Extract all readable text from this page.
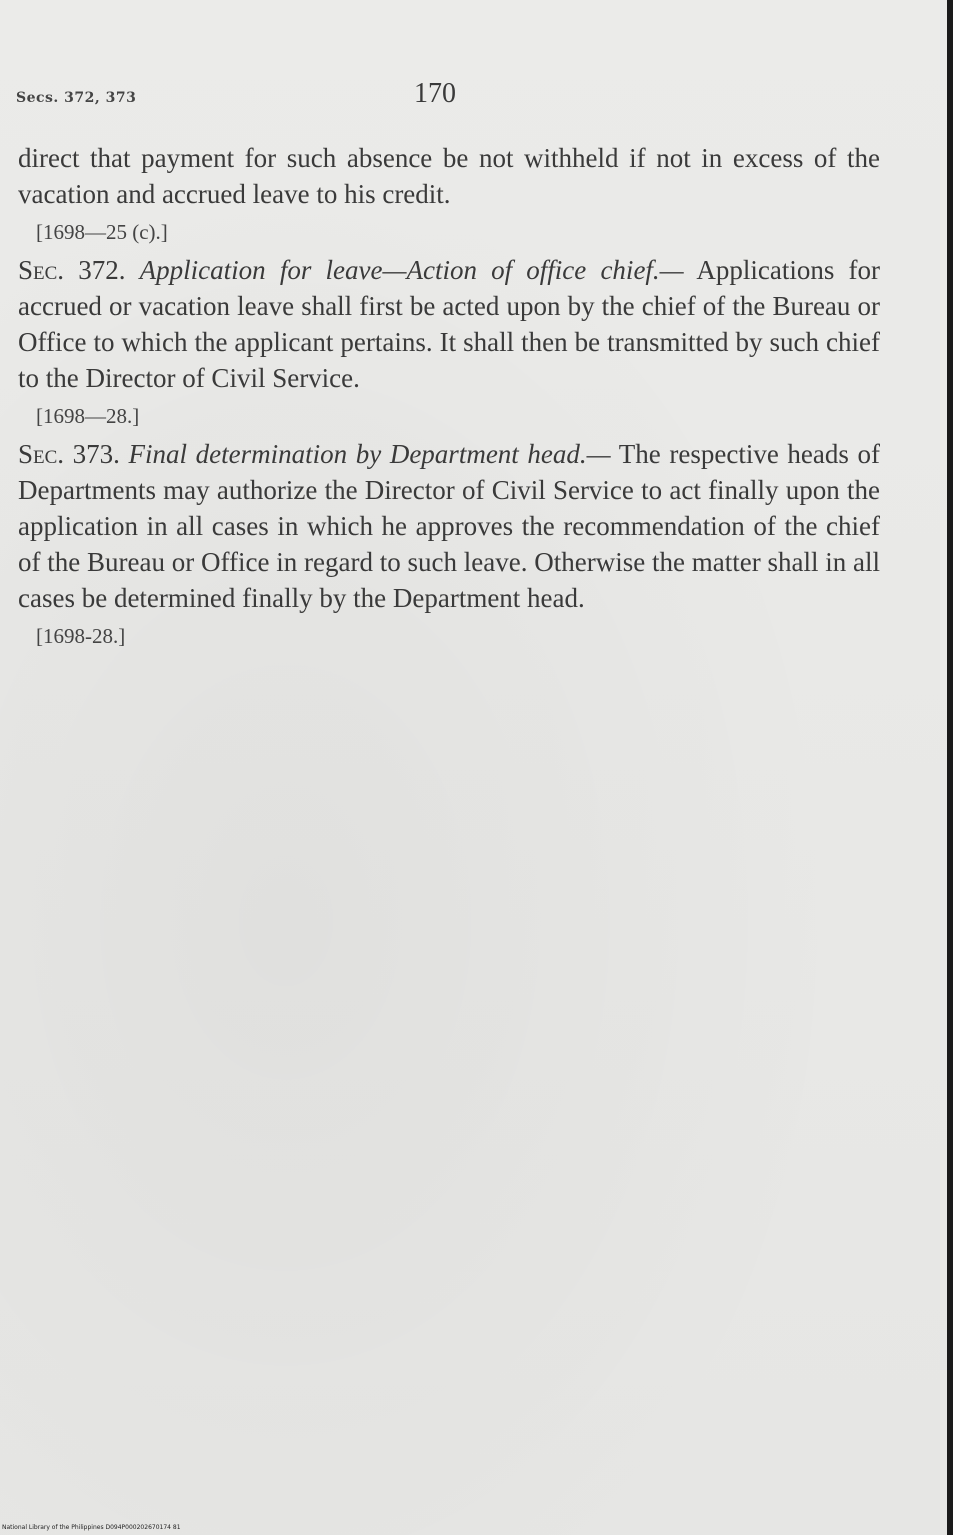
Secs. 372, 373	170

direct that payment for such absence be not withheld if not in excess of the vacation and accrued leave to his credit.

[1698—25 (c).]

Sec. 372. Application for leave—Action of office chief.— Applications for accrued or vacation leave shall first be acted upon by the chief of the Bureau or Office to which the applicant pertains. It shall then be transmitted by such chief to the Director of Civil Service.

[1698—28.]

Sec. 373. Final determination by Department head.— The respective heads of Departments may authorize the Director of Civil Service to act finally upon the application in all cases in which he approves the recommendation of the chief of the Bureau or Office in regard to such leave. Otherwise the matter shall in all cases be determined finally by the Department head.

[1698-28.]

National Library of the Philippines D094P000202670174 81
